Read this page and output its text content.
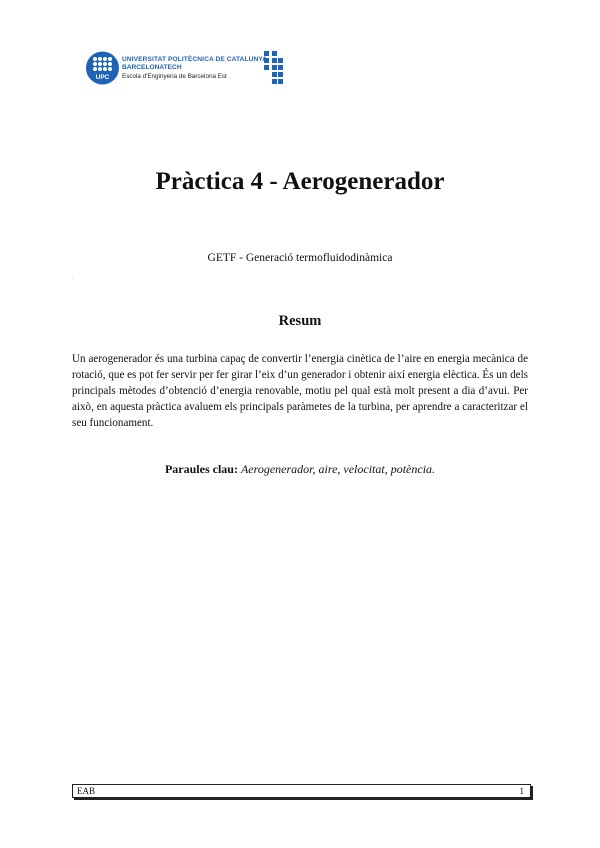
UPC
UNIVERSITAT POLITÈCNICA DE CATALUNYA
BARCELONATECH
Escola d'Enginyeria de Barcelona Est
Pràctica 4 - Aerogenerador
GETF - Generació termofluidodinàmica
.
Resum
Un aerogenerador és una turbina capaç de convertir l’energia cinètica de l’aire en energia mecànica de rotació, que es pot fer servir per fer girar l’eix d’un generador i obtenir així energia elèctica. És un dels principals mètodes d’obtenció d’energia renovable, motiu pel qual està molt present a dia d’avui. Per això, en aquesta pràctica avaluem els principals paràmetes de la turbina, per aprendre a caracteritzar el seu funcionament.
Paraules clau: Aerogenerador, aire, velocitat, potència.
EAB	1
